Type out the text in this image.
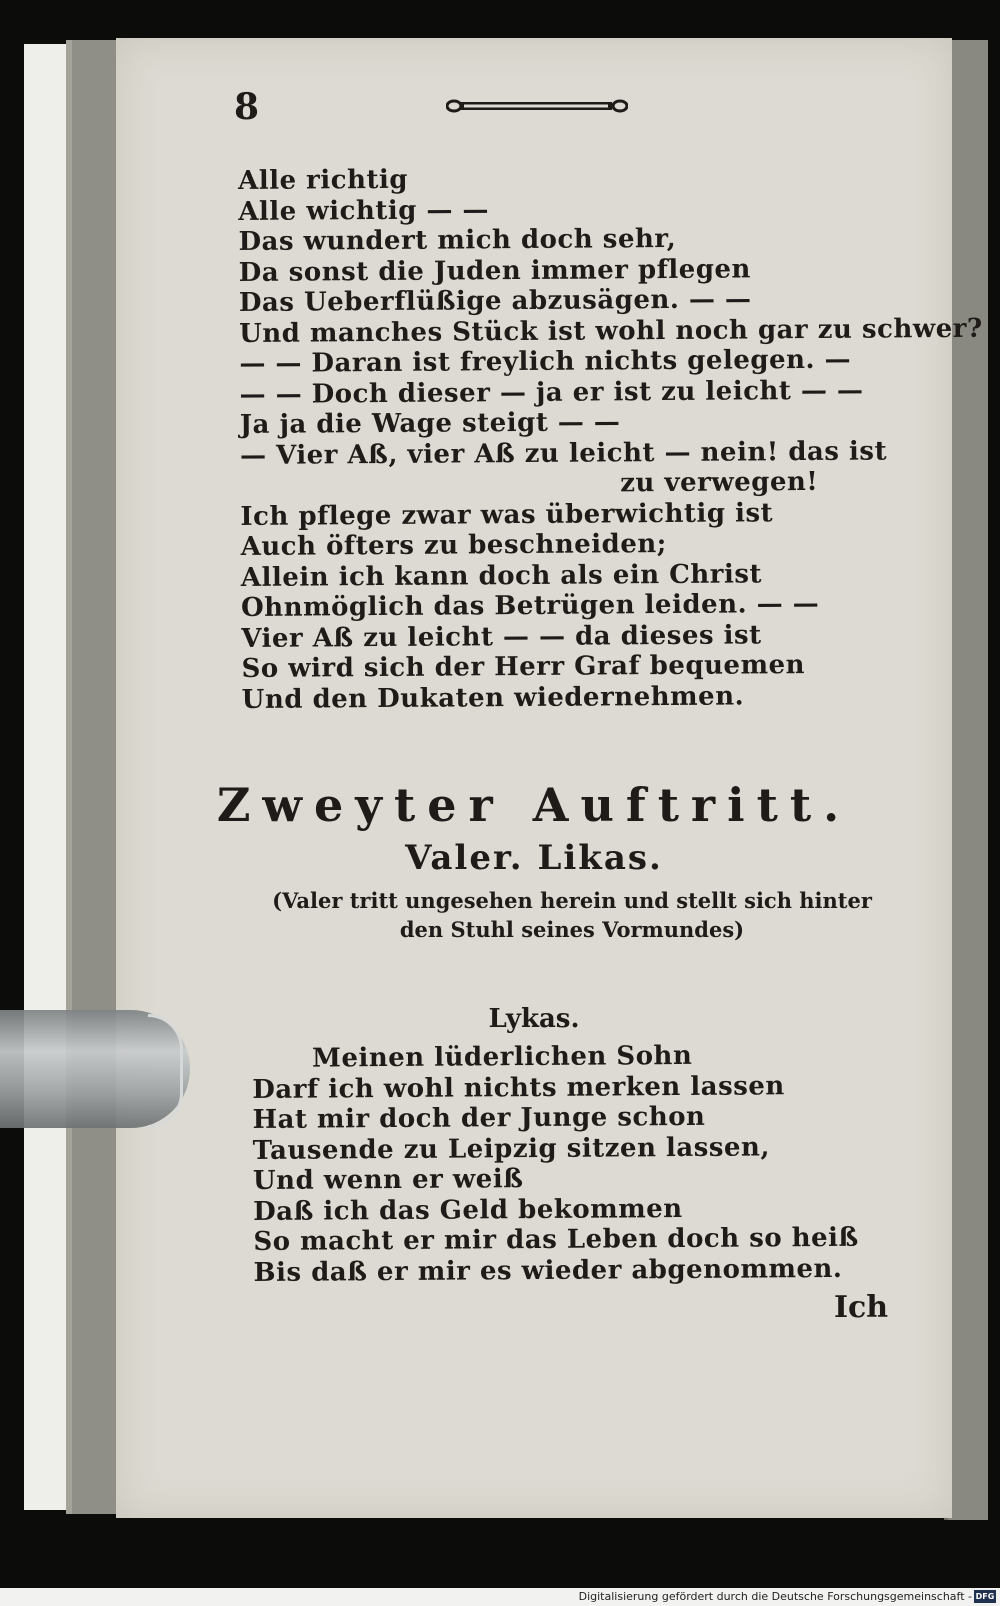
8
Alle richtig
Alle wichtig — —
Das wundert mich doch sehr,
Da sonst die Juden immer pflegen
Das Ueberflüßige abzusägen. — —
Und manches Stück ist wohl noch gar zu schwer?
— — Daran ist freylich nichts gelegen. —
— — Doch dieser — ja er ist zu leicht — —
Ja ja die Wage steigt — —
— Vier Aß, vier Aß zu leicht — nein! das ist
zu verwegen!
Ich pflege zwar was überwichtig ist
Auch öfters zu beschneiden;
Allein ich kann doch als ein Christ
Ohnmöglich das Betrügen leiden. — —
Vier Aß zu leicht — — da dieses ist
So wird sich der Herr Graf bequemen
Und den Dukaten wiedernehmen.
Zweyter Auftritt.
Valer. Likas.
(Valer tritt ungesehen herein und stellt sich hinter den Stuhl seines Vormundes)
Lykas.
Meinen lüderlichen Sohn
Darf ich wohl nichts merken lassen
Hat mir doch der Junge schon
Tausende zu Leipzig sitzen lassen,
Und wenn er weiß
Daß ich das Geld bekommen
So macht er mir das Leben doch so heiß
Bis daß er mir es wieder abgenommen.
Ich
Digitalisierung gefördert durch die Deutsche Forschungsgemeinschaft - DFG
